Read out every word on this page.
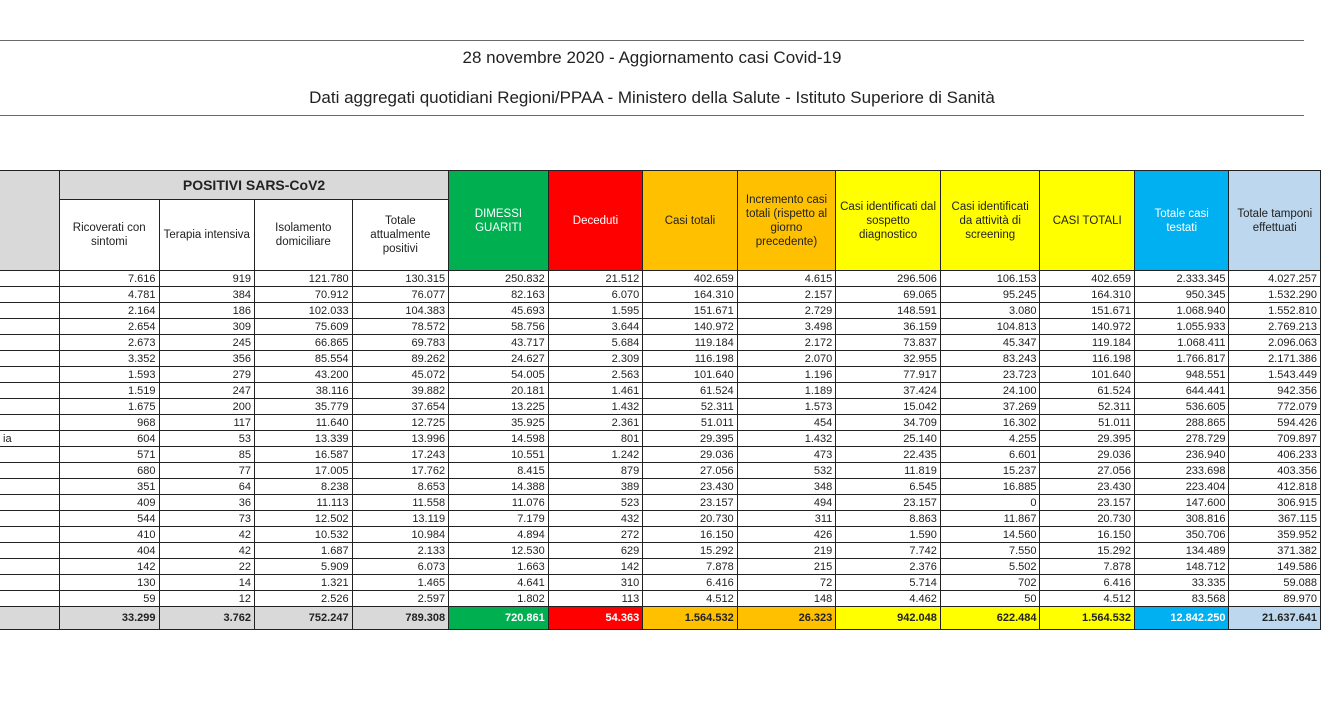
28 novembre 2020 - Aggiornamento casi Covid-19
Dati aggregati quotidiani Regioni/PPAA - Ministero della Salute - Istituto Superiore di Sanità
	POSITIVI SARS-CoV2				DIMESSI GUARITI	Deceduti	Casi totali	Incremento casi totali (rispetto al giorno precedente)	Casi identificati dal sospetto diagnostico	Casi identificati da attività di screening	CASI TOTALI	Totale casi testati	Totale tamponi effettuati
	Ricoverati con sintomi	Terapia intensiva	Isolamento domiciliare	Totale attualmente positivi									
	7.616	919	121.780	130.315	250.832	21.512	402.659	4.615	296.506	106.153	402.659	2.333.345	4.027.257
	4.781	384	70.912	76.077	82.163	6.070	164.310	2.157	69.065	95.245	164.310	950.345	1.532.290
	2.164	186	102.033	104.383	45.693	1.595	151.671	2.729	148.591	3.080	151.671	1.068.940	1.552.810
	2.654	309	75.609	78.572	58.756	3.644	140.972	3.498	36.159	104.813	140.972	1.055.933	2.769.213
	2.673	245	66.865	69.783	43.717	5.684	119.184	2.172	73.837	45.347	119.184	1.068.411	2.096.063
	3.352	356	85.554	89.262	24.627	2.309	116.198	2.070	32.955	83.243	116.198	1.766.817	2.171.386
	1.593	279	43.200	45.072	54.005	2.563	101.640	1.196	77.917	23.723	101.640	948.551	1.543.449
	1.519	247	38.116	39.882	20.181	1.461	61.524	1.189	37.424	24.100	61.524	644.441	942.356
	1.675	200	35.779	37.654	13.225	1.432	52.311	1.573	15.042	37.269	52.311	536.605	772.079
	968	117	11.640	12.725	35.925	2.361	51.011	454	34.709	16.302	51.011	288.865	594.426
ia	604	53	13.339	13.996	14.598	801	29.395	1.432	25.140	4.255	29.395	278.729	709.897
	571	85	16.587	17.243	10.551	1.242	29.036	473	22.435	6.601	29.036	236.940	406.233
	680	77	17.005	17.762	8.415	879	27.056	532	11.819	15.237	27.056	233.698	403.356
	351	64	8.238	8.653	14.388	389	23.430	348	6.545	16.885	23.430	223.404	412.818
	409	36	11.113	11.558	11.076	523	23.157	494	23.157	0	23.157	147.600	306.915
	544	73	12.502	13.119	7.179	432	20.730	311	8.863	11.867	20.730	308.816	367.115
	410	42	10.532	10.984	4.894	272	16.150	426	1.590	14.560	16.150	350.706	359.952
	404	42	1.687	2.133	12.530	629	15.292	219	7.742	7.550	15.292	134.489	371.382
	142	22	5.909	6.073	1.663	142	7.878	215	2.376	5.502	7.878	148.712	149.586
	130	14	1.321	1.465	4.641	310	6.416	72	5.714	702	6.416	33.335	59.088
	59	12	2.526	2.597	1.802	113	4.512	148	4.462	50	4.512	83.568	89.970
	33.299	3.762	752.247	789.308	720.861	54.363	1.564.532	26.323	942.048	622.484	1.564.532	12.842.250	21.637.641
